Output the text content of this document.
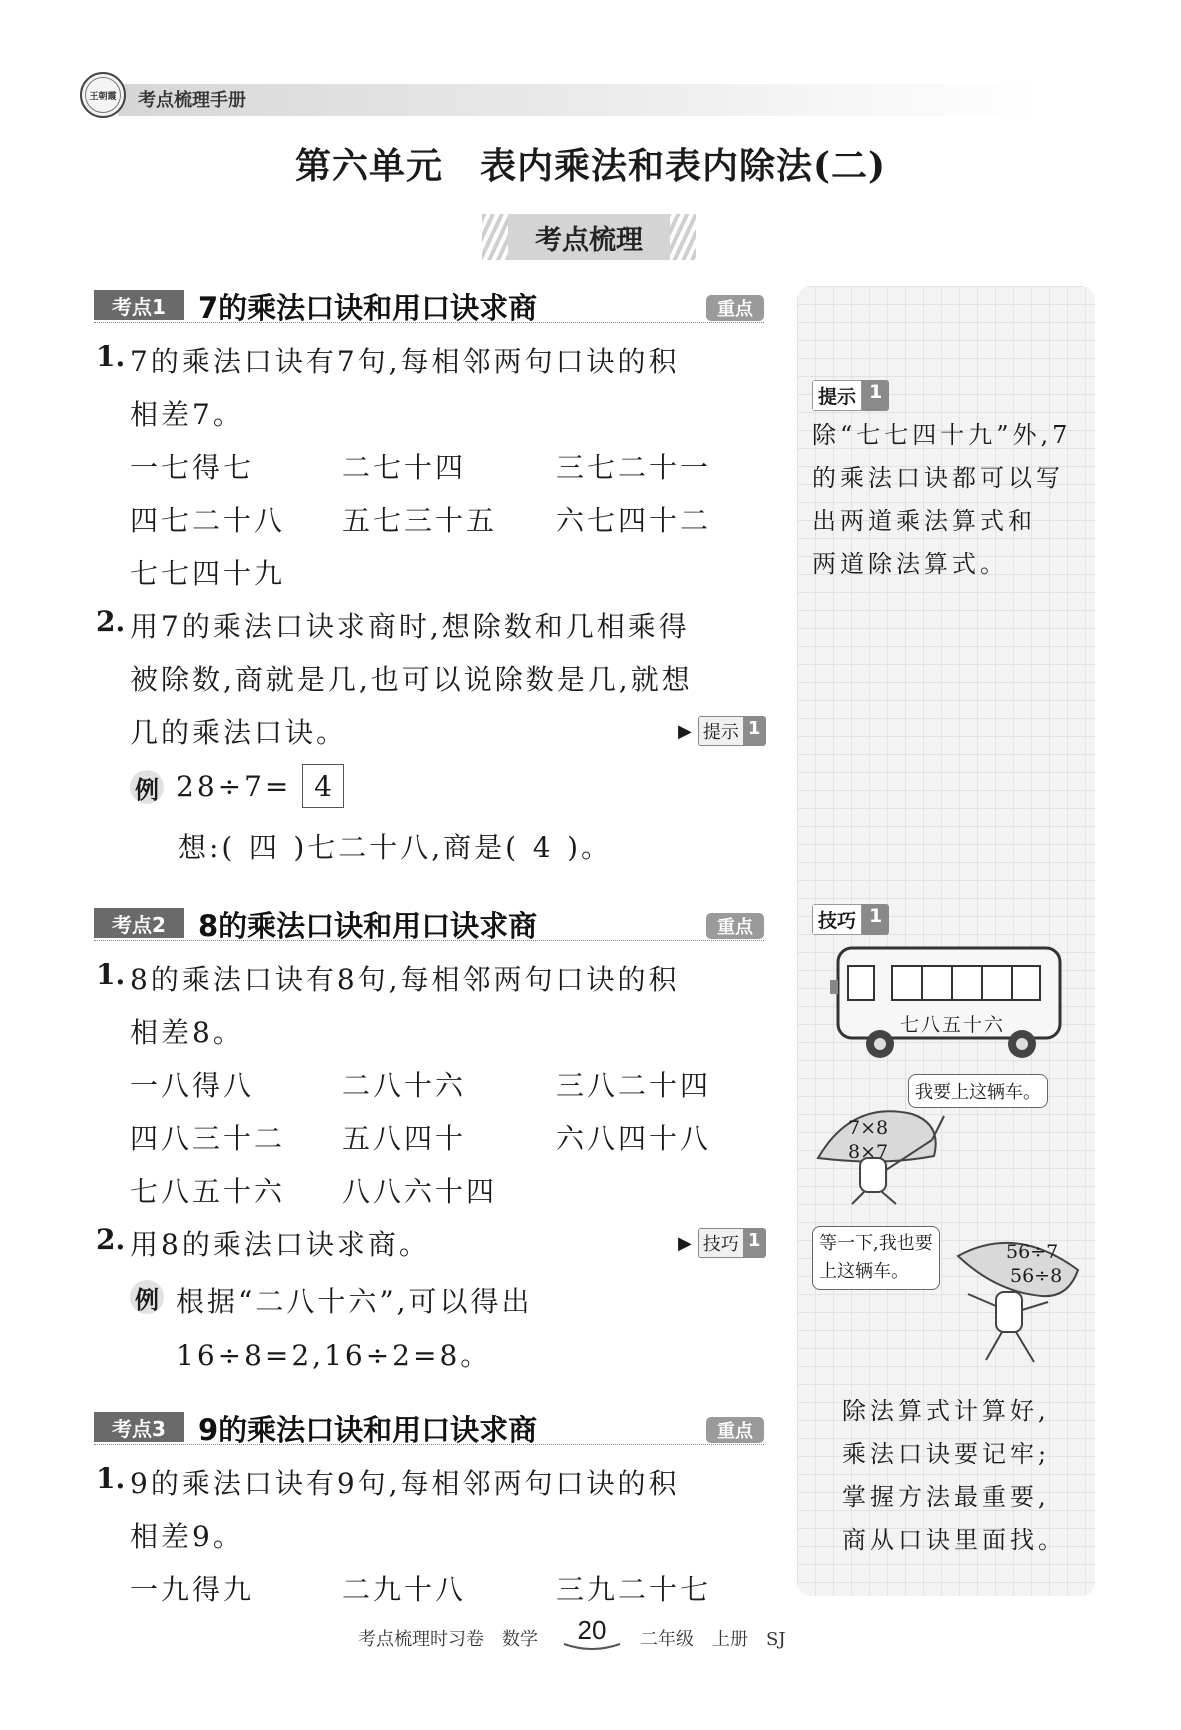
王朝霞 考点梳理手册
第六单元　表内乘法和表内除法(二)
考点梳理
考点1	7的乘法口诀和用口诀求商	重点
1. 7的乘法口诀有7句,每相邻两句口诀的积
相差7。
一七得七	二七十四	三七二十一
四七二十八 五七三十五 六七四十二
七七四十九
2. 用7的乘法口诀求商时,想除数和几相乘得
被除数,商就是几,也可以说除数是几,就想
几的乘法口诀。	▶ 提示 1
例 28÷7= 4
想:( 四 )七二十八,商是( 4 )。
考点2	8的乘法口诀和用口诀求商	重点
1. 8的乘法口诀有8句,每相邻两句口诀的积
相差8。
一八得八	二八十六	三八二十四
四八三十二 五八四十	六八四十八
七八五十六 八八六十四
2. 用8的乘法口诀求商。	▶ 技巧 1
例 根据“二八十六”,可以得出
16÷8=2,16÷2=8。
考点3	9的乘法口诀和用口诀求商	重点
1. 9的乘法口诀有9句,每相邻两句口诀的积
相差9。
一九得九	二九十八	三九二十七
提示 1
除“七七四十九”外,7
的乘法口诀都可以写
出两道乘法算式和
两道除法算式。
技巧 1
七八五十六
我要上这辆车。
7×8
8×7
等一下,我也要
上这辆车。
56÷7
56÷8
除法算式计算好,
乘法口诀要记牢;
掌握方法最重要,
商从口诀里面找。
考点梳理时习卷　数学	20	二年级　上册　SJ
